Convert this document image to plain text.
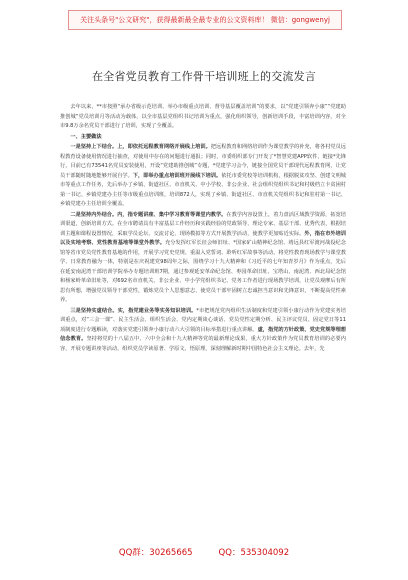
关注头条号"公文研究"，获得最新最全最专业的公文资料库！ 微信：gongwenyj
在全省党员教育工作骨干培训班上的交流发言

去年以来，**市按照“承办省级示范培训、举办市级重点培训、督导基层覆盖培训”的要求，以“党建引领奔小康”“党建助推创城”党员培训月等活动为载体，以全市基层党组织书记培训为重点，强化组织领导，创新培训手段，丰富培训内容，对全市9.8万余名党员干部进行了培训，实现了全覆盖。

一、主要做法

一是坚持上下结合。上，即依托远程教育网络开展线上培训。把远程教育和网络培训作为课堂教学的补充，将各村党员远程教育设备使用情况进行抽查，对使用中存在的问题进行通报；同时，市委组织部专门开发了*智慧党建APP软件，链接*先锋行，目前已有73541名党员安装使用，开设“党建助推创城”专题，*党建学习会今，链接全国党员干部现代远程教育网，让党员干部随时随地能够开展自学。下，即举办重点培训班开展线下培训。依托市委党校等培训机构，根据脱贫攻坚、创建文明城市等重点工作任务，先后举办了乡镇、街道社区、市直机关、中小学校、非公企业、社会组织党组织书记和村级档立卡贫困村第一书记、乡镇党建办主任等市级重点培训班，培训872人，实现了乡镇、街道社区、市直机关党组织书记和驻村第一书记、乡镇党建办主任培训全覆盖。

二是坚持内外结合。内，指专题讲座、集中学习教育等课堂内教学。在教学内容设置上，着力盘活区域教学资源，拓宽培训渠道，创新培训方式。在全市聘请具有丰富基层工作经历和实践经验的党政领导、理论专家、基层干部、优秀代表，根据培训主题和课程设置情况，采取学员论坛、交流讨论、现场模拟等方式开展教学活动，使教学更加贴近实际。外，指在市外培训以及实地考察、党性教育基地等课堂外教学。充分发挥红军长征会师旧址、*国家矿山精神纪念馆、靖远县红军渡河战役纪念馆等省市党员党性教育基地的作用，开展学习党史党规、重温入党誓词、聆听红军故事等活动，将党性教育现场教学与课堂教学、日常教育融为一体，特别是在庆祝建党98周年之际，围绕学习十九大精神和《习近平的七年知青岁月》作为重点，先后在延安南泥湾干部培训学院举办专题培训班7期，通过参观延安革命纪念馆、枣园革命旧址、宝塔山、南泥湾、西北局纪念馆和杨家岭革命旧址等，对692名市直机关、非公企业、中小学党组织书记、党务工作者进行现场教学培训，让党员观摩后有所思有所想，增强党员领导干部党性，锻炼党员个人思想意志，使党员干部牢固树立忠诚担当意识和先锋意识，不断提高党性素养。

三是坚持实虚结合。实，指党建业务等实务知识培训。*市把规范党内组织生活制度和党建引领小康行动作为党建实务培训重点，对“三会一课”、民主生活会、组织生活会、党内定期谈心谈话、党员党性定期分析、民主评议党员、固定党日等11项制度进行专题解读，对落实党建引领奔小康行动六大引领的目标举措进行重点讲解。虚，指党的方针政策、党史党规等理想信念教育。坚持将党的十八届五中、六中全会和十九大精神等党的最新理论成果，重大方针政策作为党员教育培训的必要内容，开展专题讲座等活动，组织党员学读原著、学原文、悟原理，深刻理解新时期中国特色社会主义理论。去年，先

QQ群：30265665	QQ：535304092
